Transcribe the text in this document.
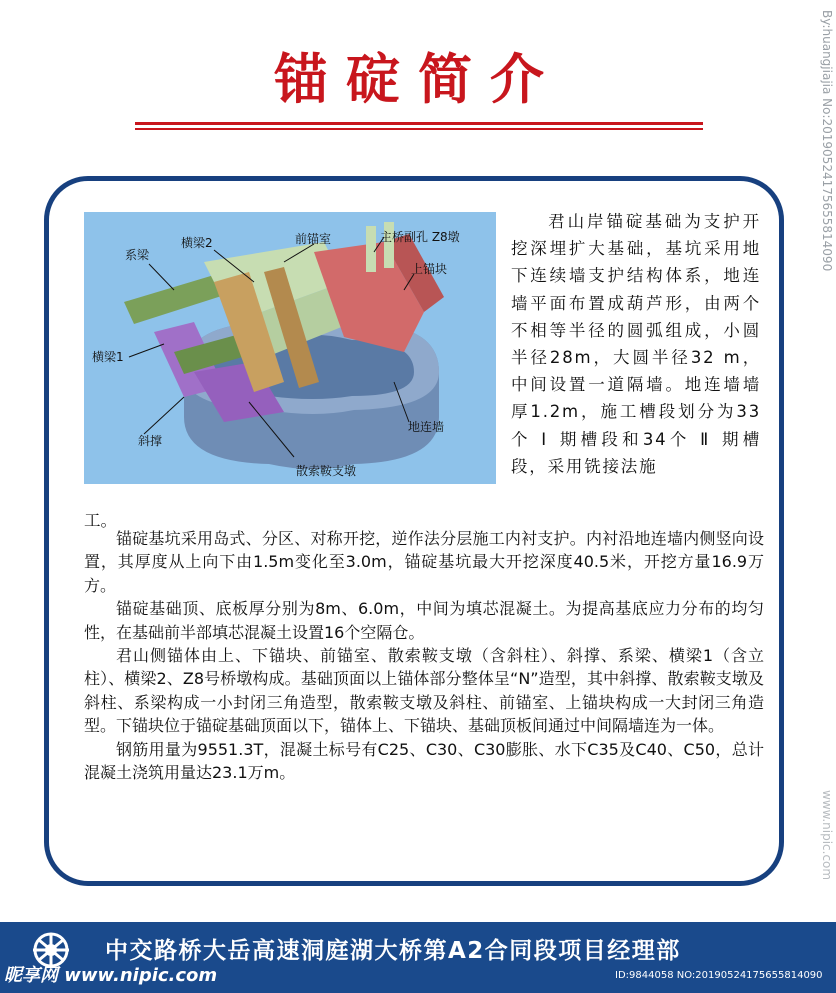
锚碇简介
系梁
横梁2	前锚室	主桥副孔 Z8墩
上锚块
横梁1
斜撑
地连墙
散索鞍支墩
君山岸锚碇基础为支护开挖深埋扩大基础，基坑采用地下连续墙支护结构体系，地连墙平面布置成葫芦形，由两个不相等半径的圆弧组成，小圆半径28m，大圆半径32 m，中间设置一道隔墙。地连墙墙厚1.2m，施工槽段划分为33个 Ⅰ 期槽段和34个 Ⅱ 期槽段，采用铣接法施
工。

锚碇基坑采用岛式、分区、对称开挖，逆作法分层施工内衬支护。内衬沿地连墙内侧竖向设置，其厚度从上向下由1.5m变化至3.0m，锚碇基坑最大开挖深度40.5米，开挖方量16.9万方。

锚碇基础顶、底板厚分别为8m、6.0m，中间为填芯混凝土。为提高基底应力分布的均匀性，在基础前半部填芯混凝土设置16个空隔仓。

君山侧锚体由上、下锚块、前锚室、散索鞍支墩（含斜柱）、斜撑、系梁、横梁1（含立柱）、横梁2、Z8号桥墩构成。基础顶面以上锚体部分整体呈“N”造型，其中斜撑、散索鞍支墩及斜柱、系梁构成一小封闭三角造型，散索鞍支墩及斜柱、前锚室、上锚块构成一大封闭三角造型。下锚块位于锚碇基础顶面以下，锚体上、下锚块、基础顶板间通过中间隔墙连为一体。

钢筋用量为9551.3T，混凝土标号有C25、C30、C30膨胀、水下C35及C40、C50，总计混凝土浇筑用量达23.1万m。

中交路桥大岳高速洞庭湖大桥第A2合同段项目经理部
昵享网 www.nipic.com	ID:9844058 NO:20190524175655814090
By:huangjiajia No:20190524175655814090
www.nipic.com
